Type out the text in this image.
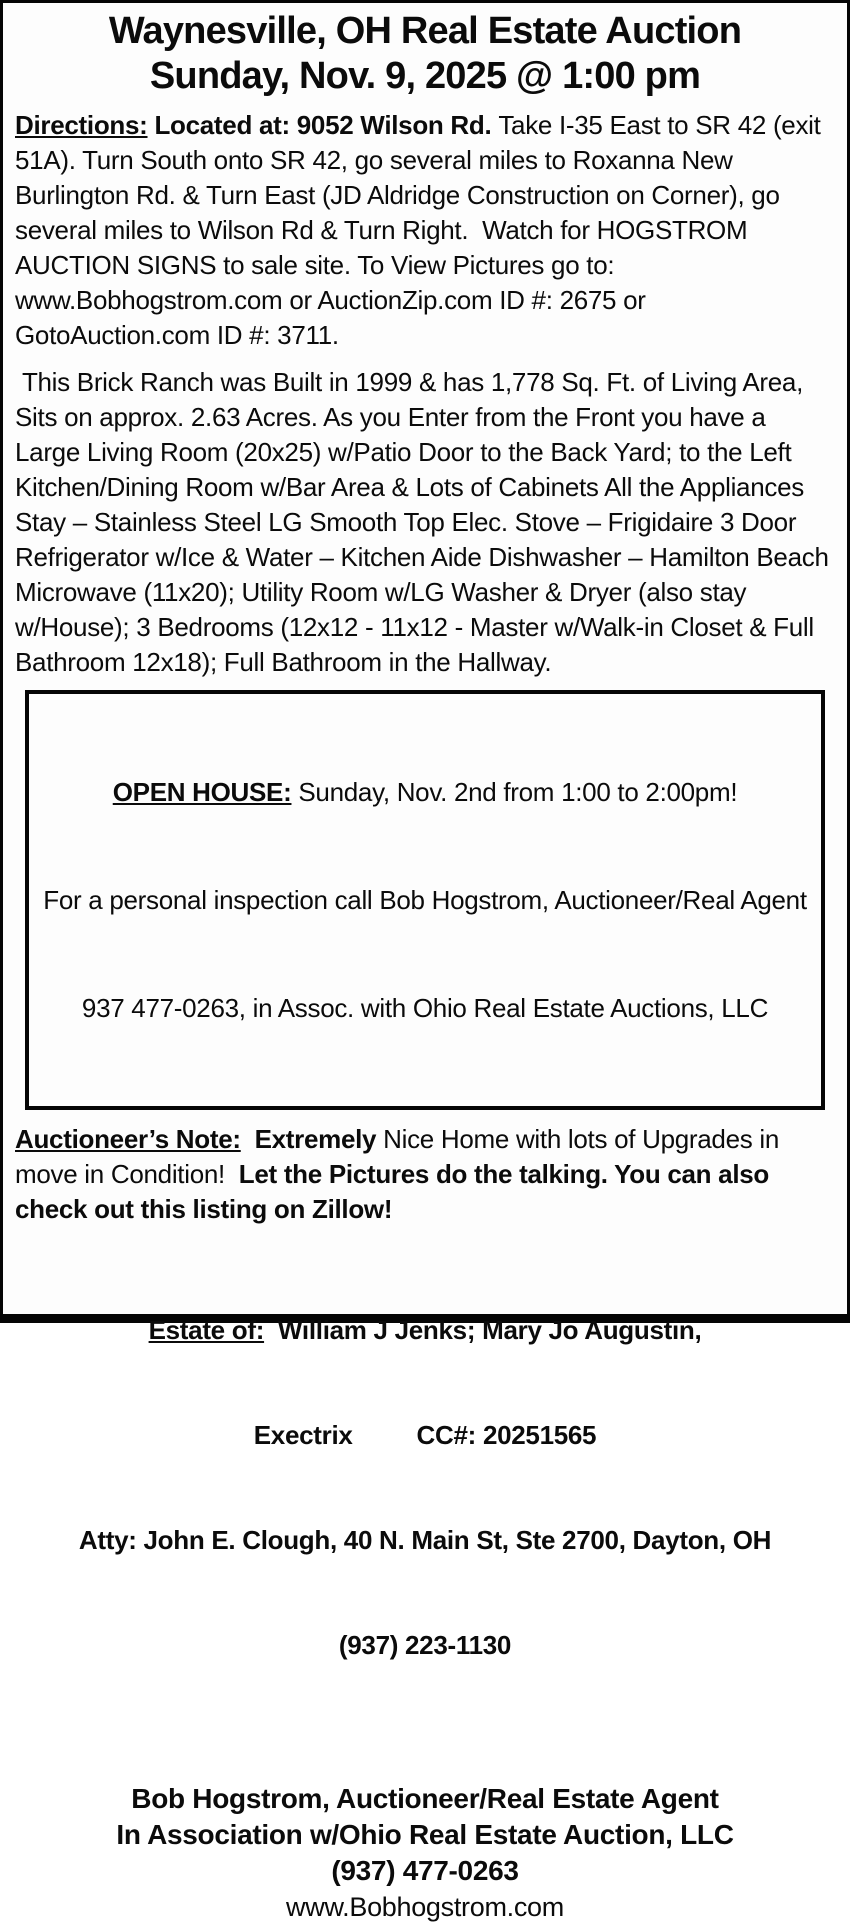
Waynesville, OH Real Estate Auction
Sunday, Nov. 9, 2025 @ 1:00 pm

Directions: Located at: 9052 Wilson Rd. Take I-35 East to SR 42 (exit 51A). Turn South onto SR 42, go several miles to Roxanna New Burlington Rd. & Turn East (JD Aldridge Construction on Corner), go several miles to Wilson Rd & Turn Right.  Watch for HOGSTROM AUCTION SIGNS to sale site. To View Pictures go to: www.Bobhogstrom.com or AuctionZip.com ID #: 2675 or GotoAuction.com ID #: 3711.

This Brick Ranch was Built in 1999 & has 1,778 Sq. Ft. of Living Area, Sits on approx. 2.63 Acres. As you Enter from the Front you have a Large Living Room (20x25) w/Patio Door to the Back Yard; to the Left Kitchen/Dining Room w/Bar Area & Lots of Cabinets All the Appliances Stay – Stainless Steel LG Smooth Top Elec. Stove – Frigidaire 3 Door Refrigerator w/Ice & Water – Kitchen Aide Dishwasher – Hamilton Beach Microwave (11x20); Utility Room w/LG Washer & Dryer (also stay w/House); 3 Bedrooms (12x12 - 11x12 - Master w/Walk-in Closet & Full Bathroom 12x18); Full Bathroom in the Hallway.

OPEN HOUSE: Sunday, Nov. 2nd from 1:00 to 2:00pm!

For a personal inspection call Bob Hogstrom, Auctioneer/Real Agent

937 477-0263, in Assoc. with Ohio Real Estate Auctions, LLC

Auctioneer’s Note:  Extremely Nice Home with lots of Upgrades in move in Condition!  Let the Pictures do the talking. You can also check out this listing on Zillow!

Estate of:  William J Jenks; Mary Jo Augustin,

Exectrix CC#: 20251565

Atty: John E. Clough, 40 N. Main St, Ste 2700, Dayton, OH

(937) 223-1130

Bob Hogstrom, Auctioneer/Real Estate Agent
In Association w/Ohio Real Estate Auction, LLC
(937) 477-0263
www.Bobhogstrom.com
